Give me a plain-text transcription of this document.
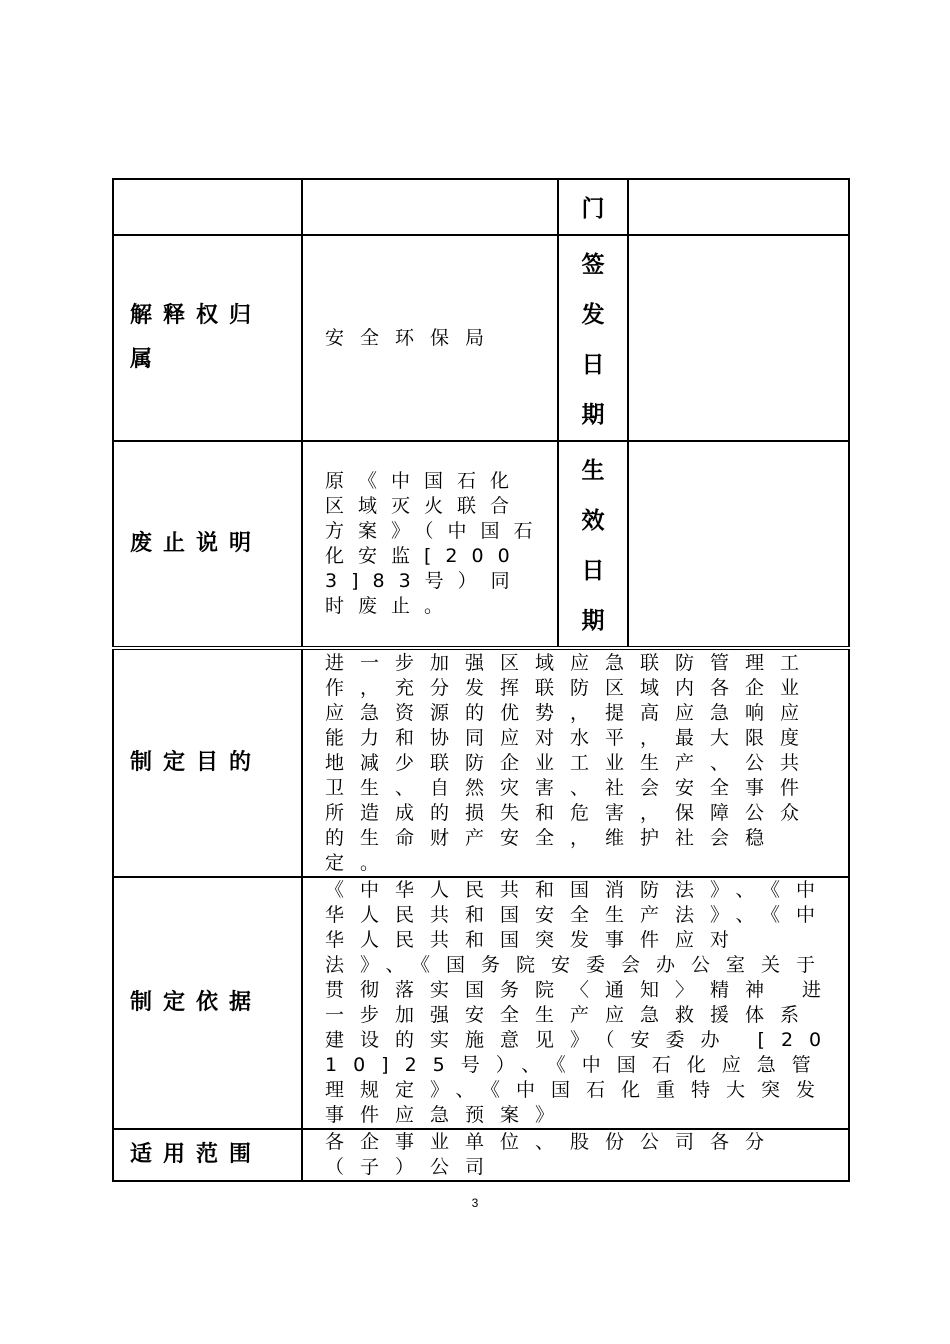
		门	

解释权归属	安全环保局	签
发
日
期	

废止说明	原《中国石化区域灭火联合方案》（中国石化安监[2003]83号）同时废止。	生
效
日
期	

制定目的	进一步加强区域应急联防管理工作，充分发挥联防区域内各企业应急资源的优势，提高应急响应能力和协同应对水平，最大限度地减少联防企业工业生产、公共卫生、自然灾害、社会安全事件所造成的损失和危害，保障公众的生命财产安全，维护社会稳定。		

制定依据	《中华人民共和国消防法》、《中华人民共和国安全生产法》、《中华人民共和国突发事件应对法》、《国务院安委会办公室关于贯彻落实国务院〈通知〉精神 进一步加强安全生产应急救援体系建设的实施意见》（安委办 [2010]25号）、《中国石化应急管理规定》、《中国石化重特大突发事件应急预案》		

适用范围	各企事业单位、股份公司各分（子）公司		
3
